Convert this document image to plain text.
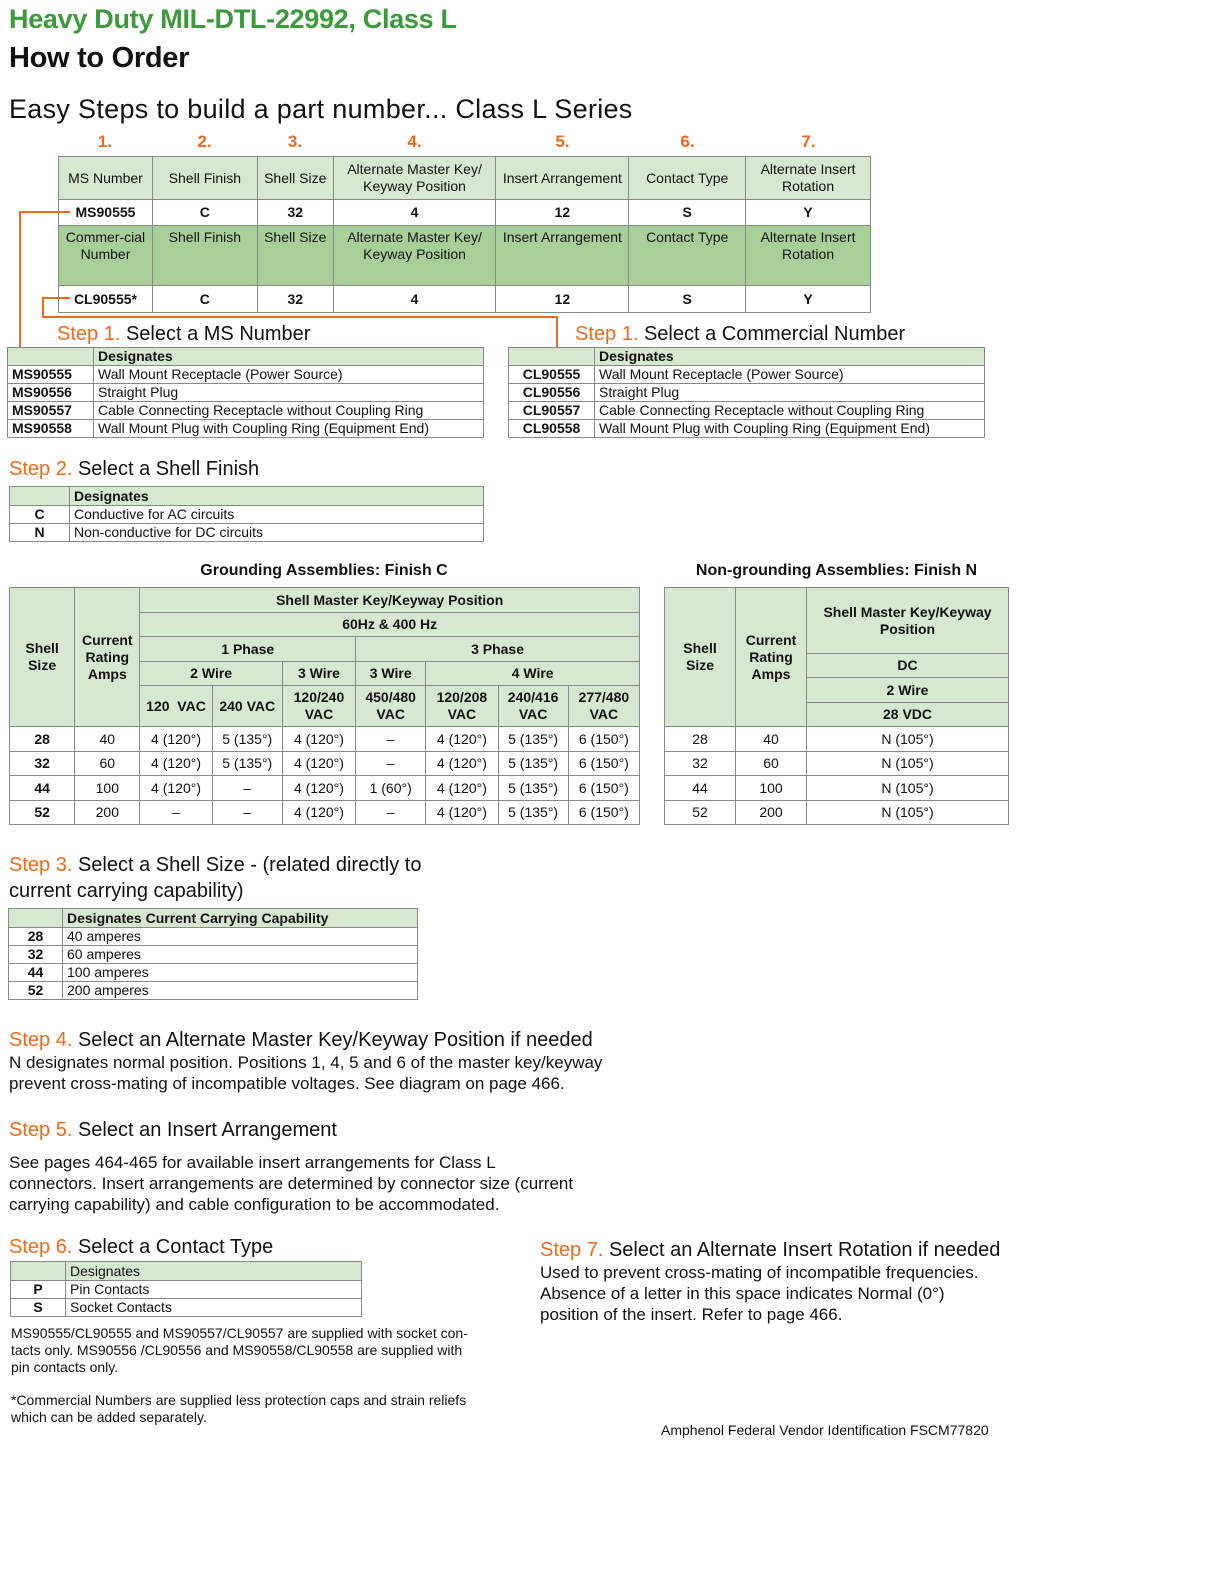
Heavy Duty MIL-DTL-22992, Class L
How to Order
Easy Steps to build a part number... Class L Series
1.	2.	3.	4.	5.	6.	7.
MS Number	Shell Finish	Shell Size	Alternate Master Key/ Keyway Position	Insert Arrangement	Contact Type	Alternate Insert Rotation
MS90555	C	32	4	12	S	Y
Commer-cial Number	Shell Finish	Shell Size	Alternate Master Key/ Keyway Position	Insert Arrangement	Contact Type	Alternate Insert Rotation
CL90555*	C	32	4	12	S	Y
Step 1. Select a MS Number
	Designates
MS90555	Wall Mount Receptacle (Power Source)
MS90556	Straight Plug
MS90557	Cable Connecting Receptacle without Coupling Ring
MS90558	Wall Mount Plug with Coupling Ring (Equipment End)
Step 1. Select a Commercial Number
	Designates
CL90555	Wall Mount Receptacle (Power Source)
CL90556	Straight Plug
CL90557	Cable Connecting Receptacle without Coupling Ring
CL90558	Wall Mount Plug with Coupling Ring (Equipment End)
Step 2. Select a Shell Finish
	Designates
C	Conductive for AC circuits
N	Non-conductive for DC circuits
Grounding Assemblies: Finish C
Shell Size	Current Rating Amps	Shell Master Key/Keyway Position						
		60Hz & 400 Hz						
		1 Phase			3 Phase			
		2 Wire		3 Wire	3 Wire	4 Wire		
		120  VAC	240 VAC	120/240 VAC	450/480 VAC	120/208 VAC	240/416 VAC	277/480 VAC
28	40	4 (120°)	5 (135°)	4 (120°)	–	4 (120°)	5 (135°)	6 (150°)
32	60	4 (120°)	5 (135°)	4 (120°)	–	4 (120°)	5 (135°)	6 (150°)
44	100	4 (120°)	–	4 (120°)	1 (60°)	4 (120°)	5 (135°)	6 (150°)
52	200	–	–	4 (120°)	–	4 (120°)	5 (135°)	6 (150°)
Non-grounding Assemblies: Finish N
Shell Size	Current Rating Amps	Shell Master Key/Keyway Position
		DC
		2 Wire
		28 VDC
28	40	N (105°)
32	60	N (105°)
44	100	N (105°)
52	200	N (105°)
Step 3. Select a Shell Size - (related directly to
current carrying capability)
	Designates Current Carrying Capability
28	40 amperes
32	60 amperes
44	100 amperes
52	200 amperes
Step 4. Select an Alternate Master Key/Keyway Position if needed
N designates normal position. Positions 1, 4, 5 and 6 of the master key/keyway
prevent cross-mating of incompatible voltages. See diagram on page 466.
Step 5. Select an Insert Arrangement
See pages 464-465 for available insert arrangements for Class L
connectors. Insert arrangements are determined by connector size (current
carrying capability) and cable configuration to be accommodated.
Step 6. Select a Contact Type
	Designates
P	Pin Contacts
S	Socket Contacts
MS90555/CL90555 and MS90557/CL90557 are supplied with socket con-
tacts only. MS90556 /CL90556 and MS90558/CL90558 are supplied with
pin contacts only.
*Commercial Numbers are supplied less protection caps and strain reliefs
which can be added separately.
Step 7. Select an Alternate Insert Rotation if needed
Used to prevent cross-mating of incompatible frequencies.
Absence of a letter in this space indicates Normal (0°)
position of the insert. Refer to page 466.
Amphenol Federal Vendor Identification FSCM77820
